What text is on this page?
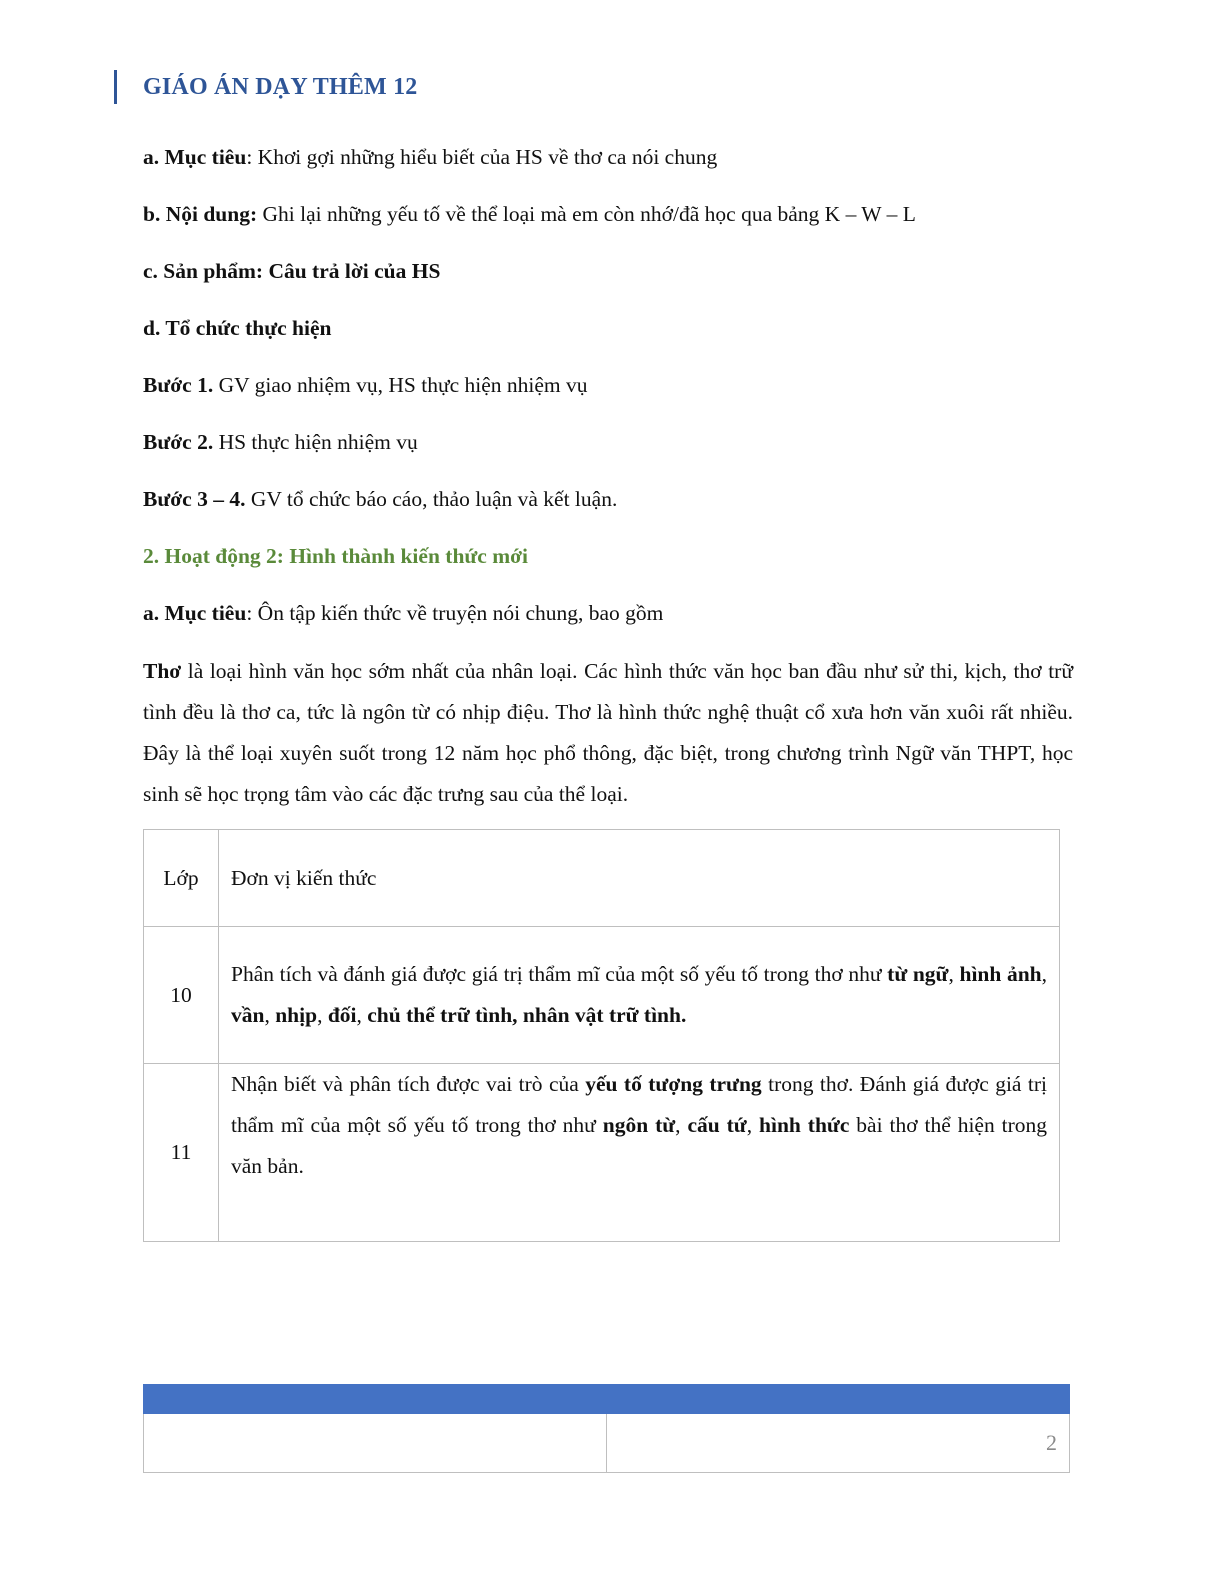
GIÁO ÁN DẠY THÊM 12

a. Mục tiêu: Khơi gợi những hiểu biết của HS về thơ ca nói chung

b. Nội dung: Ghi lại những yếu tố về thể loại mà em còn nhớ/đã học qua bảng K – W – L

c. Sản phẩm: Câu trả lời của HS

d. Tổ chức thực hiện

Bước 1. GV giao nhiệm vụ, HS thực hiện nhiệm vụ

Bước 2. HS thực hiện nhiệm vụ

Bước 3 – 4. GV tổ chức báo cáo, thảo luận và kết luận.

2. Hoạt động 2: Hình thành kiến thức mới

a. Mục tiêu: Ôn tập kiến thức về truyện nói chung, bao gồm

Thơ là loại hình văn học sớm nhất của nhân loại. Các hình thức văn học ban đầu như sử thi, kịch, thơ trữ tình đều là thơ ca, tức là ngôn từ có nhịp điệu. Thơ là hình thức nghệ thuật cổ xưa hơn văn xuôi rất nhiều. Đây là thể loại xuyên suốt trong 12 năm học phổ thông, đặc biệt, trong chương trình Ngữ văn THPT, học sinh sẽ học trọng tâm vào các đặc trưng sau của thể loại.

Lớp	Đơn vị kiến thức
10	Phân tích và đánh giá được giá trị thẩm mĩ của một số yếu tố trong thơ như từ ngữ, hình ảnh, vần, nhịp, đối, chủ thể trữ tình, nhân vật trữ tình.
11	Nhận biết và phân tích được vai trò của yếu tố tượng trưng trong thơ. Đánh giá được giá trị thẩm mĩ của một số yếu tố trong thơ như ngôn từ, cấu tứ, hình thức bài thơ thể hiện trong văn bản.

	2
